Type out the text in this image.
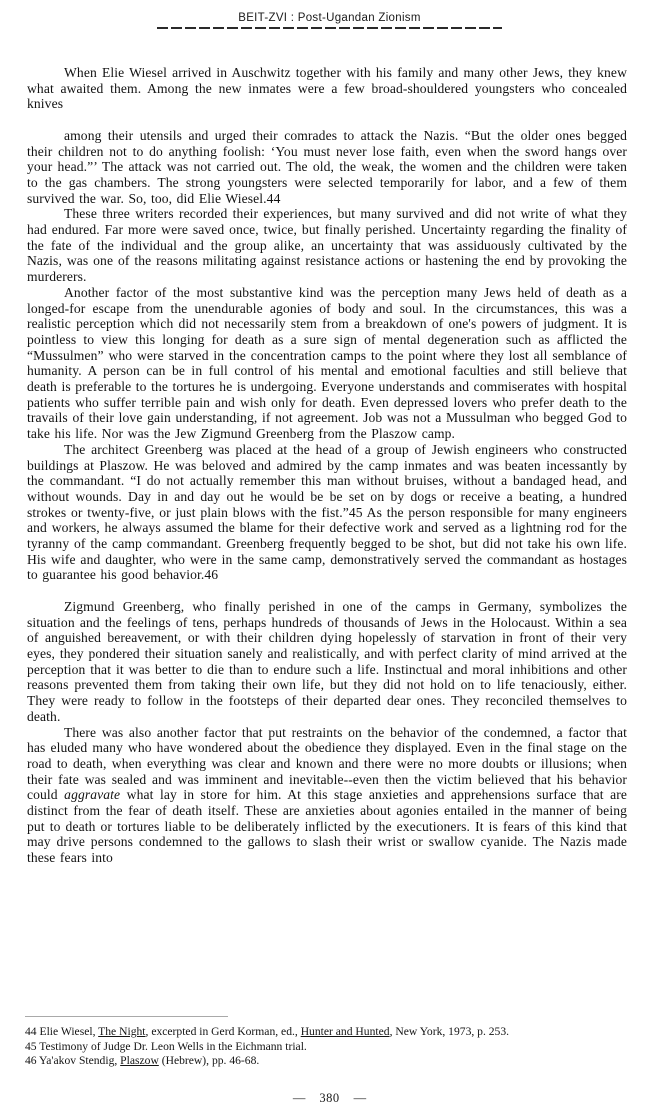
BEIT-ZVI : Post-Ugandan Zionism

When Elie Wiesel arrived in Auschwitz together with his family and many other Jews, they knew what awaited them. Among the new inmates were a few broad-shouldered youngsters who concealed knives

among their utensils and urged their comrades to attack the Nazis. “But the older ones begged their children not to do anything foolish: ‘You must never lose faith, even when the sword hangs over your head.”’ The attack was not carried out. The old, the weak, the women and the children were taken to the gas chambers. The strong youngsters were selected temporarily for labor, and a few of them survived the war. So, too, did Elie Wiesel.44

These three writers recorded their experiences, but many survived and did not write of what they had endured. Far more were saved once, twice, but finally perished. Uncertainty regarding the finality of the fate of the individual and the group alike, an uncertainty that was assiduously cultivated by the Nazis, was one of the reasons militating against resistance actions or hastening the end by provoking the murderers.

Another factor of the most substantive kind was the perception many Jews held of death as a longed-for escape from the unendurable agonies of body and soul. In the circumstances, this was a realistic perception which did not necessarily stem from a breakdown of one's powers of judgment. It is pointless to view this longing for death as a sure sign of mental degeneration such as afflicted the “Mussulmen” who were starved in the concentration camps to the point where they lost all semblance of humanity. A person can be in full control of his mental and emotional faculties and still believe that death is preferable to the tortures he is undergoing. Everyone understands and commiserates with hospital patients who suffer terrible pain and wish only for death. Even depressed lovers who prefer death to the travails of their love gain understanding, if not agreement. Job was not a Mussulman who begged God to take his life. Nor was the Jew Zigmund Greenberg from the Plaszow camp.

The architect Greenberg was placed at the head of a group of Jewish engineers who constructed buildings at Plaszow. He was beloved and admired by the camp inmates and was beaten incessantly by the commandant. “I do not actually remember this man without bruises, without a bandaged head, and without wounds. Day in and day out he would be be set on by dogs or receive a beating, a hundred strokes or twenty-five, or just plain blows with the fist.”45 As the person responsible for many engineers and workers, he always assumed the blame for their defective work and served as a lightning rod for the tyranny of the camp commandant. Greenberg frequently begged to be shot, but did not take his own life. His wife and daughter, who were in the same camp, demonstratively served the commandant as hostages to guarantee his good behavior.46

Zigmund Greenberg, who finally perished in one of the camps in Germany, symbolizes the situation and the feelings of tens, perhaps hundreds of thousands of Jews in the Holocaust. Within a sea of anguished bereavement, or with their children dying hopelessly of starvation in front of their very eyes, they pondered their situation sanely and realistically, and with perfect clarity of mind arrived at the perception that it was better to die than to endure such a life. Instinctual and moral inhibitions and other reasons prevented them from taking their own life, but they did not hold on to life tenaciously, either. They were ready to follow in the footsteps of their departed dear ones. They reconciled themselves to death.

There was also another factor that put restraints on the behavior of the condemned, a factor that has eluded many who have wondered about the obedience they displayed. Even in the final stage on the road to death, when everything was clear and known and there were no more doubts or illusions; when their fate was sealed and was imminent and inevitable--even then the victim believed that his behavior could aggravate what lay in store for him. At this stage anxieties and apprehensions surface that are distinct from the fear of death itself. These are anxieties about agonies entailed in the manner of being put to death or tortures liable to be deliberately inflicted by the executioners. It is fears of this kind that may drive persons condemned to the gallows to slash their wrist or swallow cyanide. The Nazis made these fears into

44 Elie Wiesel, The Night, excerpted in Gerd Korman, ed., Hunter and Hunted, New York, 1973, p. 253.

45 Testimony of Judge Dr. Leon Wells in the Eichmann trial.

46 Ya'akov Stendig, Plaszow (Hebrew), pp. 46-68.

— 380 —
